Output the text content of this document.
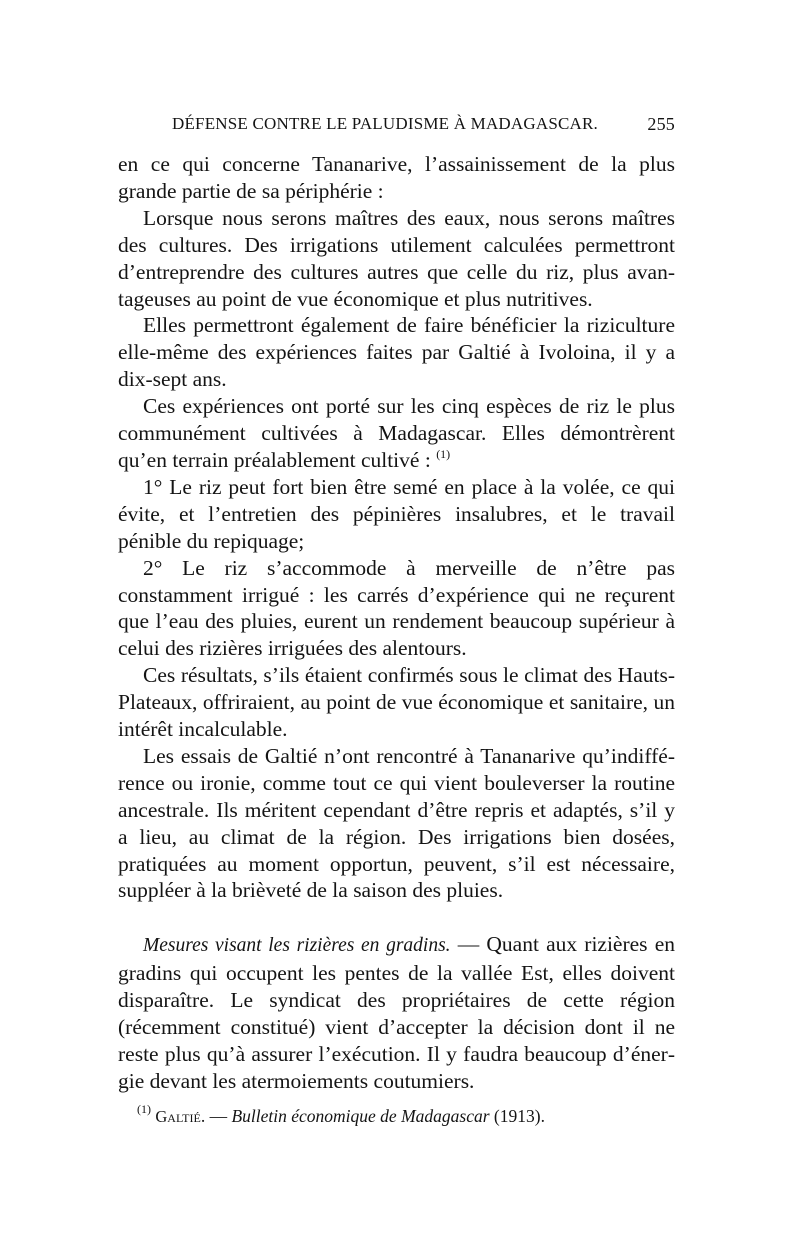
DÉFENSE CONTRE LE PALUDISME À MADAGASCAR.	255

en ce qui concerne Tananarive, l’assainissement de la plus grande partie de sa périphérie :

Lorsque nous serons maîtres des eaux, nous serons maîtres des cultures. Des irrigations utilement calculées permettront d’entreprendre des cultures autres que celle du riz, plus avantageuses au point de vue économique et plus nutritives.

Elles permettront également de faire bénéficier la riziculture elle-même des expériences faites par Galtié à Ivoloina, il y a dix-sept ans.

Ces expériences ont porté sur les cinq espèces de riz le plus communément cultivées à Madagascar. Elles démontrèrent qu’en terrain préalablement cultivé : $^{(1)}$

1° Le riz peut fort bien être semé en place à la volée, ce qui évite, et l’entretien des pépinières insalubres, et le travail pénible du repiquage;

2° Le riz s’accommode à merveille de n’être pas constamment irrigué : les carrés d’expérience qui ne reçurent que l’eau des pluies, eurent un rendement beaucoup supérieur à celui des rizières irriguées des alentours.

Ces résultats, s’ils étaient confirmés sous le climat des Hauts-Plateaux, offriraient, au point de vue économique et sanitaire, un intérêt incalculable.

Les essais de Galtié n’ont rencontré à Tananarive qu’indifférence ou ironie, comme tout ce qui vient bouleverser la routine ancestrale. Ils méritent cependant d’être repris et adaptés, s’il y a lieu, au climat de la région. Des irrigations bien dosées, pratiquées au moment opportun, peuvent, s’il est nécessaire, suppléer à la brièveté de la saison des pluies.

Mesures visant les rizières en gradins. — Quant aux rizières en gradins qui occupent les pentes de la vallée Est, elles doivent disparaître. Le syndicat des propriétaires de cette région (récemment constitué) vient d’accepter la décision dont il ne reste plus qu’à assurer l’exécution. Il y faudra beaucoup d’énergie devant les atermoiements coutumiers.

$^{(1)}$ Galtié. — Bulletin économique de Madagascar (1913).
